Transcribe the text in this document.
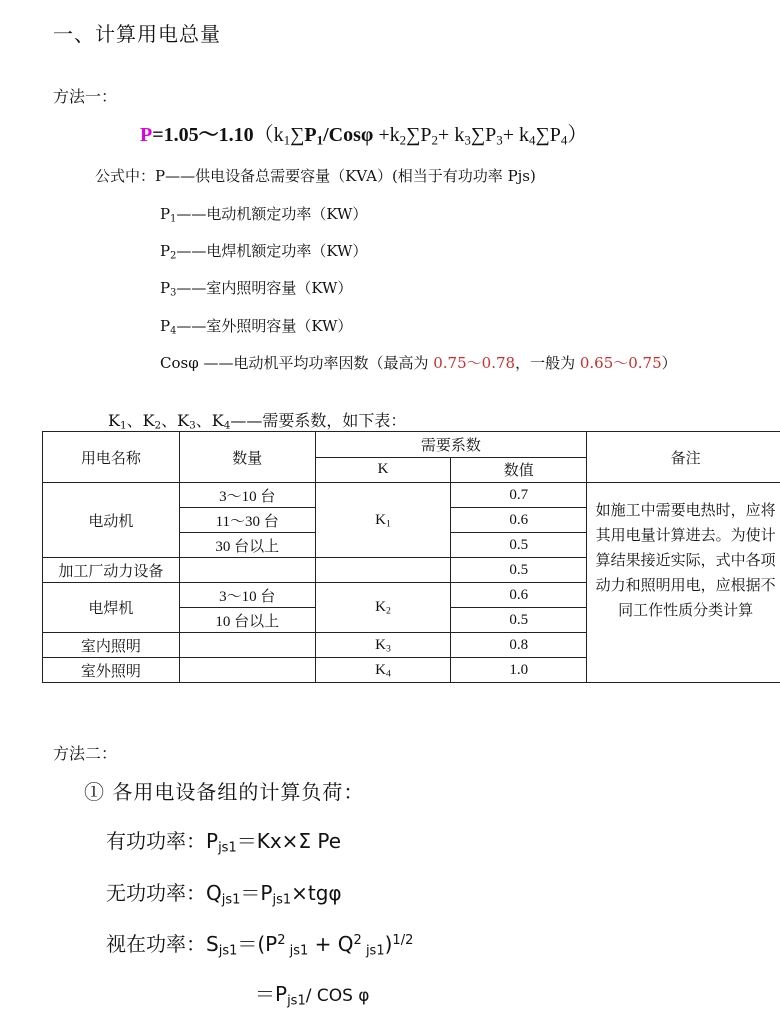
一、计算用电总量
方法一：
$P=1.05\sim 1.10(k_1\sum P_1$/Cosφ $+k_2\sum P_2+ k_3\sum P_3+ k_4\sum P_4$）
公式中：P——供电设备总需要容量（KVA）(相当于有功功率 Pjs)
$P_1——$电动机额定功率（KW）
$P_2——$电焊机额定功率（KW）
$P_3——$室内照明容量（KW）
$P_4——$室外照明容量（KW）
Cosφ ——电动机平均功率因数（最高为 0.75～0.78，一般为 0.65～0.75）
$K_1$、$K_2$、$K_3$、$K_4——$需要系数，如下表：
用电名称	数量	需要系数		备注
		K	数值	
电动机	3～10 台	$K_1$	0.7	如施工中需要电热时，应将其用电量计算进去。为使计算结果接近实际，式中各项动力和照明用电，应根据不同工作性质分类计算
	11～30 台		0.6	
	30 台以上		0.5	
加工厂动力设备			0.5	
电焊机	3～10 台	$K_2$	0.6	
	10 台以上		0.5	
室内照明		$K_3$	0.8	
室外照明		$K_4$	1.0	
方法二：
① 各用电设备组的计算负荷：
有功功率：$P_{js1}=Kx\times\Sigma$ Pe
无功功率：$Q_{js1}=P_{js1}\times tg\varphi$
视在功率：$S_{js1}=(P^2$ $_{js1} + Q^2$ $_{js1}$)$^{1/2}$
$=P_{js1}/$ COS φ
